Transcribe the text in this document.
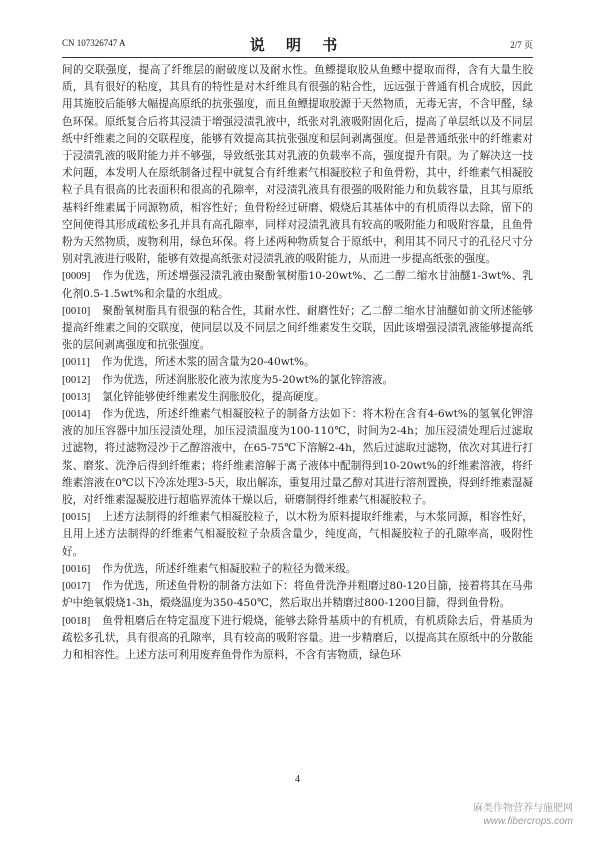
CN 107326747 A	说 明 书	2/7 页

间的交联强度，提高了纤维层的耐破度以及耐水性。鱼鳔提取胶从鱼鳔中提取而得，含有大量生胶质，具有很好的粘度，其具有的特性是对木纤维具有很强的粘合性，远远强于普通有机合成胶，因此用其施胶后能够大幅提高原纸的抗张强度，而且鱼鳔提取胶源于天然物质，无毒无害，不含甲醛，绿色环保。原纸复合后将其浸渍于增强浸渍乳液中，纸张对乳液吸附固化后，提高了单层纸以及不同层纸中纤维素之间的交联程度，能够有效提高其抗张强度和层间剥离强度。但是普通纸张中的纤维素对于浸渍乳液的吸附能力并不够强，导致纸张其对乳液的负载率不高，强度提升有限。为了解决这一技术问题，本发明人在原纸制备过程中就复合有纤维素气相凝胶粒子和鱼骨粉，其中，纤维素气相凝胶粒子具有很高的比表面积和很高的孔隙率，对浸渍乳液具有很强的吸附能力和负载容量，且其与原纸基料纤维素属于同源物质，相容性好；鱼骨粉经过研磨、煅烧后其基体中的有机质得以去除，留下的空间使得其形成疏松多孔并具有高孔隙率，同样对浸渍乳液具有较高的吸附能力和吸附容量，且鱼骨粉为天然物质，废物利用，绿色环保。将上述两种物质复合于原纸中，利用其不同尺寸的孔径尺寸分别对乳液进行吸附，能够有效提高纸张对浸渍乳液的吸附能力，从而进一步提高纸张的强度。

[0009] 作为优选，所述增强浸渍乳液由聚酚氧树脂10-20wt%、乙二醇二缩水甘油醚1-3wt%、乳化剂0.5-1.5wt%和余量的水组成。

[0010] 聚酚氧树脂具有很强的粘合性，其耐水性、耐磨性好；乙二醇二缩水甘油醚如前文所述能够提高纤维素之间的交联度，使同层以及不同层之间纤维素发生交联，因此该增强浸渍乳液能够提高纸张的层间剥离强度和抗张强度。

[0011] 作为优选，所述木浆的固含量为20-40wt%。

[0012] 作为优选，所述润胀胶化液为浓度为5-20wt%的氯化锌溶液。

[0013] 氯化锌能够使纤维素发生润胀胶化，提高硬度。

[0014] 作为优选，所述纤维素气相凝胶粒子的制备方法如下：将木粉在含有4-6wt%的氢氧化钾溶液的加压容器中加压浸渍处理，加压浸渍温度为100-110℃，时间为2-4h；加压浸渍处理后过滤取过滤物，将过滤物浸沙于乙醇溶液中，在65-75℃下溶解2-4h，然后过滤取过滤物，依次对其进行打浆、磨浆、洗浄后得到纤维素；将纤维素溶解于离子液体中配制得到10-20wt%的纤维素溶液，将纤维素溶液在0℃以下冷冻处理3-5天，取出解冻，重复用过量乙醇对其进行溶剂置换，得到纤维素湿凝胶，对纤维素湿凝胶进行超临界流体干燥以后，研磨制得纤维素气相凝胶粒子。

[0015] 上述方法制得的纤维素气相凝胶粒子，以木粉为原料提取纤维素，与木浆同源，相容性好，且用上述方法制得的纤维素气相凝胶粒子杂质含量少，纯度高，气相凝胶粒子的孔隙率高，吸附性好。

[0016] 作为优选，所述纤维素气相凝胶粒子的粒径为微米级。

[0017] 作为优选，所述鱼骨粉的制备方法如下：将鱼骨洗浄并粗磨过80-120目篩，接着将其在马弗炉中绝氧煅烧1-3h，煅烧温度为350-450℃，然后取出并精磨过800-1200目篩，得到鱼骨粉。

[0018] 鱼骨粗磨后在特定温度下进行煅烧，能够去除骨基质中的有机质，有机质除去后，骨基质为疏松多孔状，具有很高的孔隙率，具有较高的吸附容量。进一步精磨后，以提高其在原纸中的分散能力和相容性。上述方法可利用废弃鱼骨作为原料，不含有害物质，绿色环

4
麻类作物营养与施肥网
www.fibercrops.com
